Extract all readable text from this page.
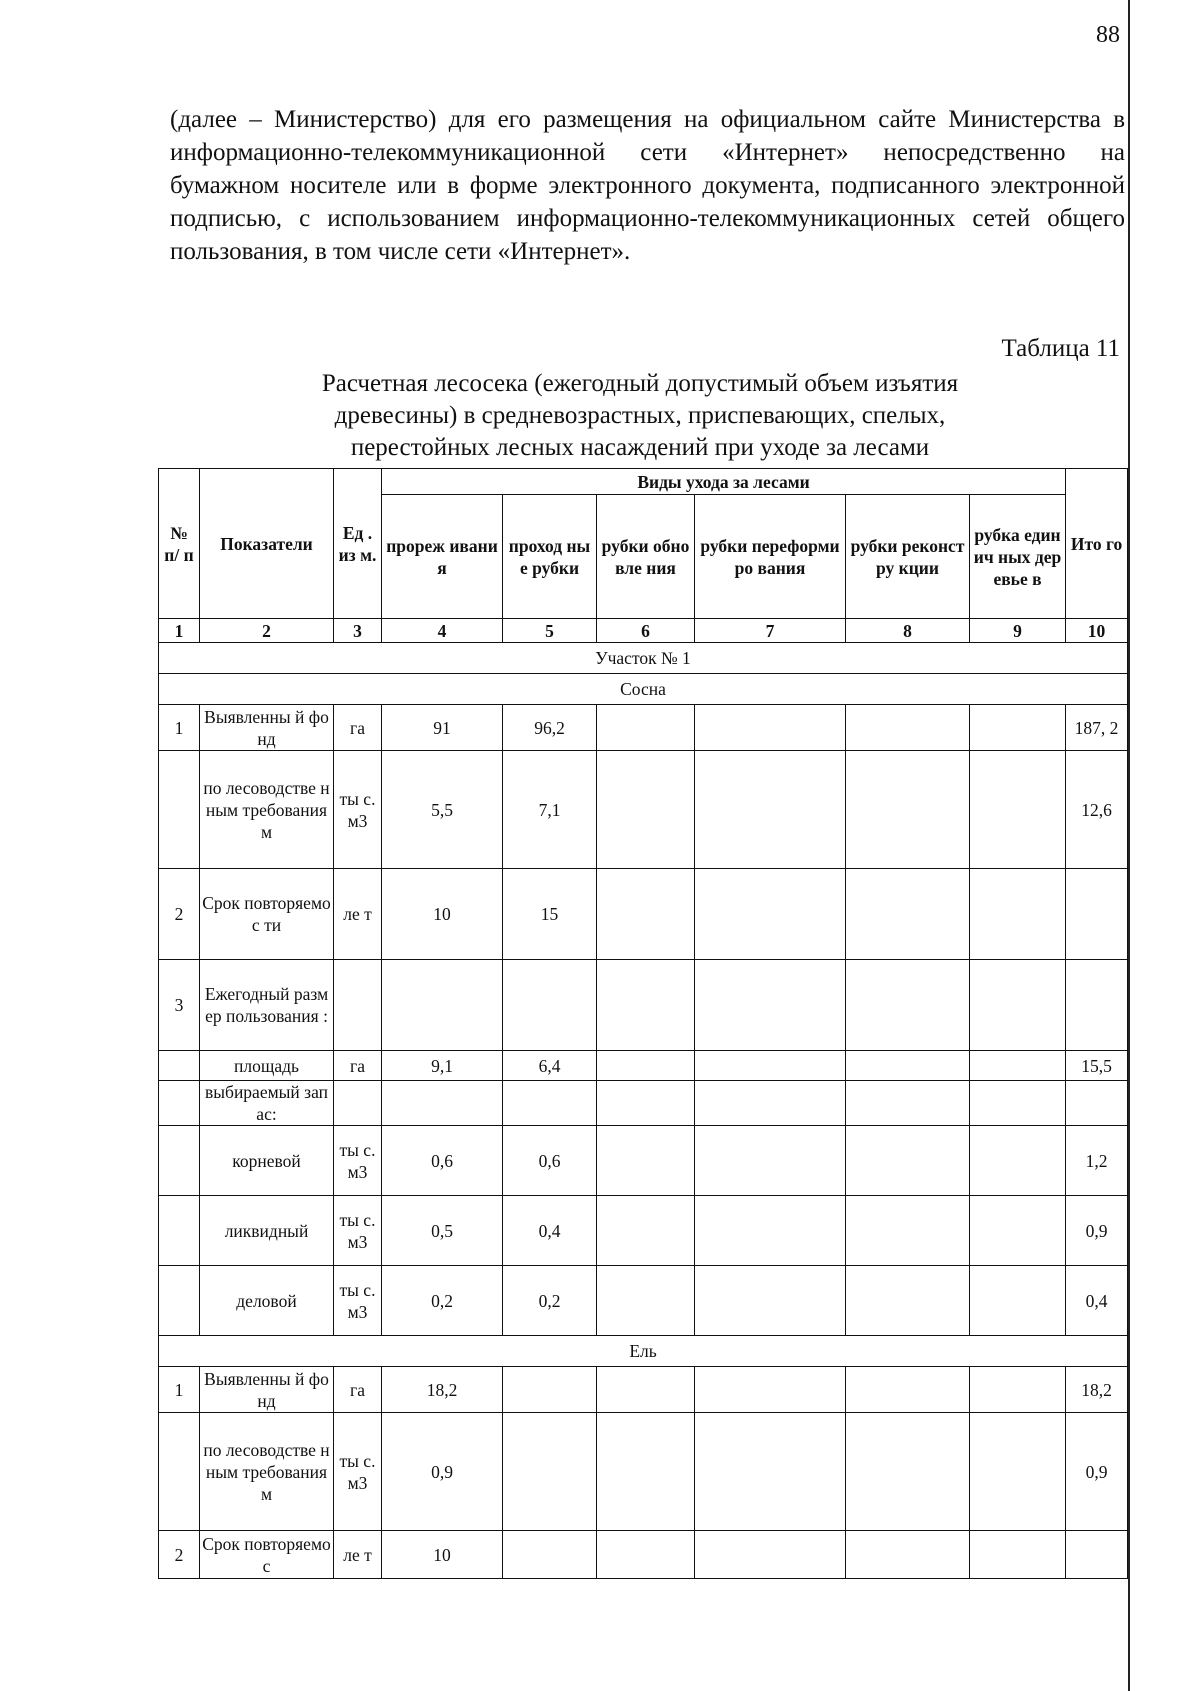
88

(далее – Министерство) для его размещения на официальном сайте Министерства в информационно-телекоммуникационной сети «Интернет» непосредственно на бумажном носителе или в форме электронного документа, подписанного электронной подписью, с использованием информационно-телекоммуникационных сетей общего пользования, в том числе сети «Интернет».

Таблица 11
Расчетная лесосека (ежегодный допустимый объем изъятия
древесины) в средневозрастных, приспевающих, спелых,
перестойных лесных насаждений при уходе за лесами
№ п/ п	Показатели	Ед . из м.	Виды ухода за лесами						Ито го
			прореж ивания	проход ные рубки	рубки обновле ния	рубки переформиро вания	рубки реконстру кции	рубка единич ных деревье в	
1	2	3	4	5	6	7	8	9	10
Участок № 1									
Сосна									
1	Выявленны й фонд	га	91	96,2					187, 2
	по лесоводстве нным требования м	ты с. м3	5,5	7,1					12,6
2	Срок повторяемос ти	ле т	10	15					
3	Ежегодный размер пользования :								
	площадь	га	9,1	6,4					15,5
	выбираемый запас:								
	корневой	ты с. м3	0,6	0,6					1,2
	ликвидный	ты с. м3	0,5	0,4					0,9
	деловой	ты с. м3	0,2	0,2					0,4
Ель									
1	Выявленны й фонд	га	18,2						18,2
	по лесоводстве нным требования м	ты с. м3	0,9						0,9
2	Срок повторяемос	ле т	10						
